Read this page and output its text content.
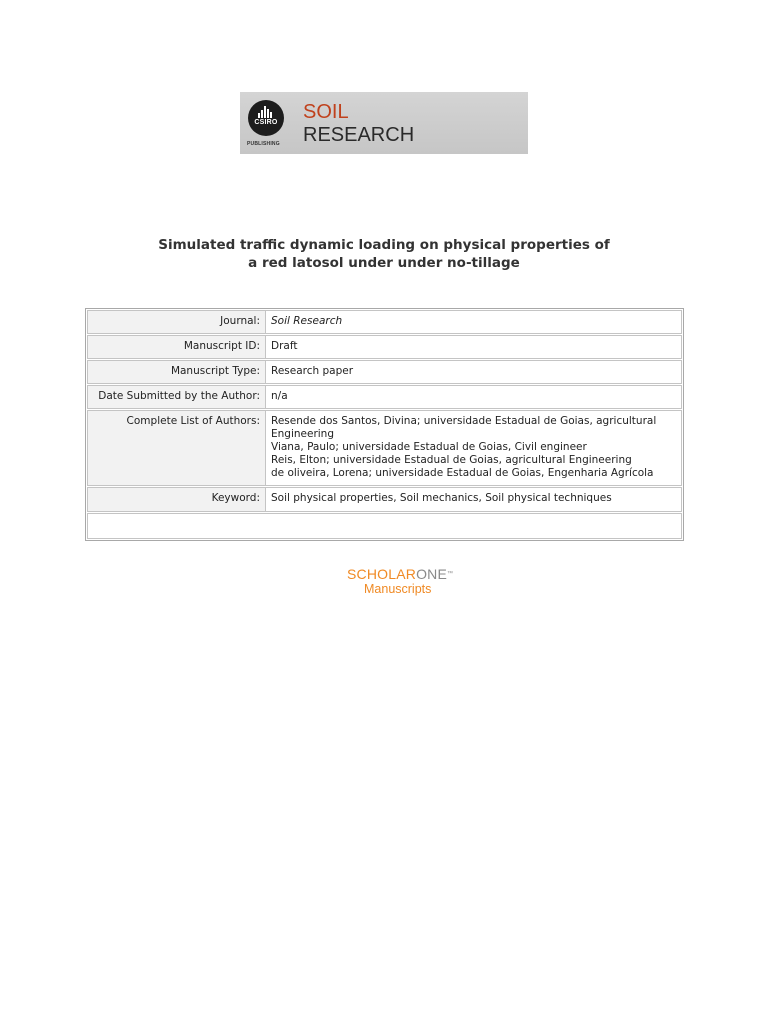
CSIRO
PUBLISHING
SOIL
RESEARCH
Simulated traffic dynamic loading on physical properties of
a red latosol under under no-tillage
Journal:	Soil Research
Manuscript ID:	Draft
Manuscript Type:	Research paper
Date Submitted by the Author:	n/a
Complete List of Authors:	Resende dos Santos, Divina; universidade Estadual de Goias, agricultural
Engineering
Viana, Paulo; universidade Estadual de Goias, Civil engineer
Reis, Elton; universidade Estadual de Goias, agricultural Engineering
de oliveira, Lorena; universidade Estadual de Goias, Engenharia Agrícola
Keyword:	Soil physical properties, Soil mechanics, Soil physical techniques
SCHOLARONE™
Manuscripts
